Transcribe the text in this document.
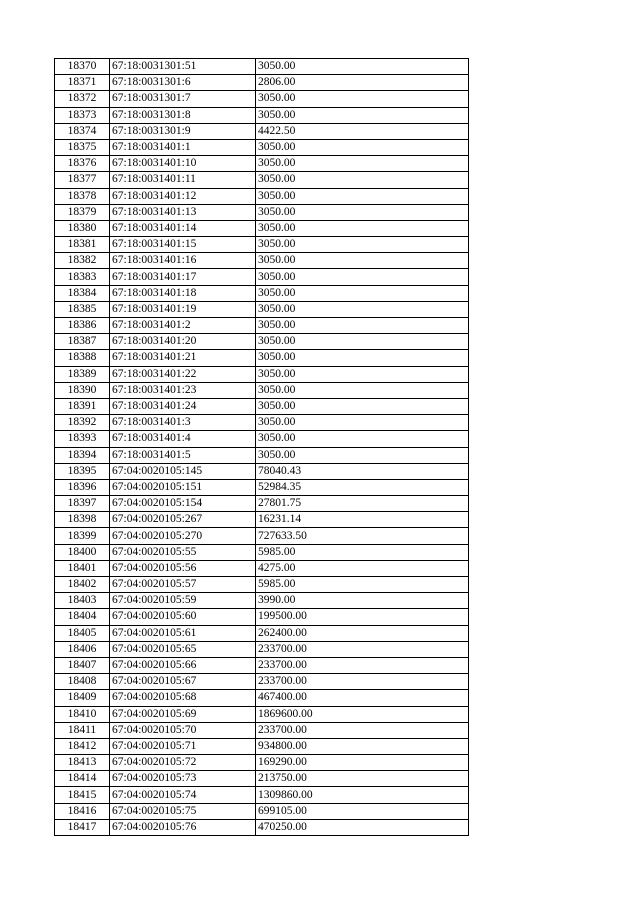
18370	67:18:0031301:51	3050.00
18371	67:18:0031301:6	2806.00
18372	67:18:0031301:7	3050.00
18373	67:18:0031301:8	3050.00
18374	67:18:0031301:9	4422.50
18375	67:18:0031401:1	3050.00
18376	67:18:0031401:10	3050.00
18377	67:18:0031401:11	3050.00
18378	67:18:0031401:12	3050.00
18379	67:18:0031401:13	3050.00
18380	67:18:0031401:14	3050.00
18381	67:18:0031401:15	3050.00
18382	67:18:0031401:16	3050.00
18383	67:18:0031401:17	3050.00
18384	67:18:0031401:18	3050.00
18385	67:18:0031401:19	3050.00
18386	67:18:0031401:2	3050.00
18387	67:18:0031401:20	3050.00
18388	67:18:0031401:21	3050.00
18389	67:18:0031401:22	3050.00
18390	67:18:0031401:23	3050.00
18391	67:18:0031401:24	3050.00
18392	67:18:0031401:3	3050.00
18393	67:18:0031401:4	3050.00
18394	67:18:0031401:5	3050.00
18395	67:04:0020105:145	78040.43
18396	67:04:0020105:151	52984.35
18397	67:04:0020105:154	27801.75
18398	67:04:0020105:267	16231.14
18399	67:04:0020105:270	727633.50
18400	67:04:0020105:55	5985.00
18401	67:04:0020105:56	4275.00
18402	67:04:0020105:57	5985.00
18403	67:04:0020105:59	3990.00
18404	67:04:0020105:60	199500.00
18405	67:04:0020105:61	262400.00
18406	67:04:0020105:65	233700.00
18407	67:04:0020105:66	233700.00
18408	67:04:0020105:67	233700.00
18409	67:04:0020105:68	467400.00
18410	67:04:0020105:69	1869600.00
18411	67:04:0020105:70	233700.00
18412	67:04:0020105:71	934800.00
18413	67:04:0020105:72	169290.00
18414	67:04:0020105:73	213750.00
18415	67:04:0020105:74	1309860.00
18416	67:04:0020105:75	699105.00
18417	67:04:0020105:76	470250.00
